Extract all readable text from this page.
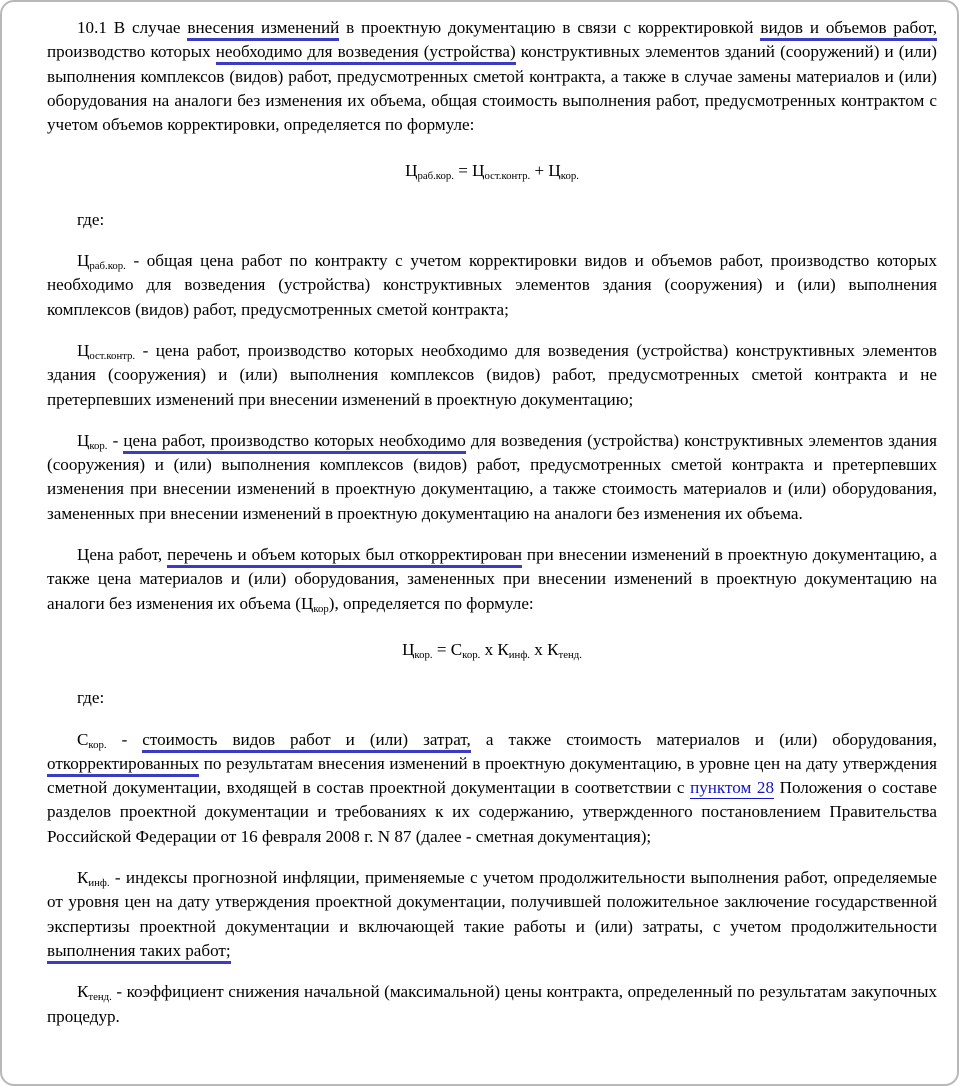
10.1 В случае внесения изменений в проектную документацию в связи с корректировкой видов и объемов работ, производство которых необходимо для возведения (устройства) конструктивных элементов зданий (сооружений) и (или) выполнения комплексов (видов) работ, предусмотренных сметой контракта, а также в случае замены материалов и (или) оборудования на аналоги без изменения их объема, общая стоимость выполнения работ, предусмотренных контрактом с учетом объемов корректировки, определяется по формуле:

$Ц_{раб.кор.} = Ц_{ост.контр.} + Ц_{кор.}$

где:

$Ц_{раб.кор.}$ - общая цена работ по контракту с учетом корректировки видов и объемов работ, производство которых необходимо для возведения (устройства) конструктивных элементов здания (сооружения) и (или) выполнения комплексов (видов) работ, предусмотренных сметой контракта;

$Ц_{ост.контр.}$ - цена работ, производство которых необходимо для возведения (устройства) конструктивных элементов здания (сооружения) и (или) выполнения комплексов (видов) работ, предусмотренных сметой контракта и не претерпевших изменений при внесении изменений в проектную документацию;

$Ц_{кор.}$ - цена работ, производство которых необходимо для возведения (устройства) конструктивных элементов здания (сооружения) и (или) выполнения комплексов (видов) работ, предусмотренных сметой контракта и претерпевших изменения при внесении изменений в проектную документацию, а также стоимость материалов и (или) оборудования, замененных при внесении изменений в проектную документацию на аналоги без изменения их объема.

Цена работ, перечень и объем которых был откорректирован при внесении изменений в проектную документацию, а также цена материалов и (или) оборудования, замененных при внесении изменений в проектную документацию на аналоги без изменения их объема $(Ц_{кор})$, определяется по формуле:

$Ц_{кор.} = С_{кор.}$ х $К_{инф.}$ х $К_{тенд.}$

где:

$С_{кор.}$ - стоимость видов работ и (или) затрат, а также стоимость материалов и (или) оборудования, откорректированных по результатам внесения изменений в проектную документацию, в уровне цен на дату утверждения сметной документации, входящей в состав проектной документации в соответствии с пунктом 28 Положения о составе разделов проектной документации и требованиях к их содержанию, утвержденного постановлением Правительства Российской Федерации от 16 февраля 2008 г. N 87 (далее - сметная документация);

$К_{инф.}$ - индексы прогнозной инфляции, применяемые с учетом продолжительности выполнения работ, определяемые от уровня цен на дату утверждения проектной документации, получившей положительное заключение государственной экспертизы проектной документации и включающей такие работы и (или) затраты, с учетом продолжительности выполнения таких работ;

$К_{тенд.}$ - коэффициент снижения начальной (максимальной) цены контракта, определенный по результатам закупочных процедур.
